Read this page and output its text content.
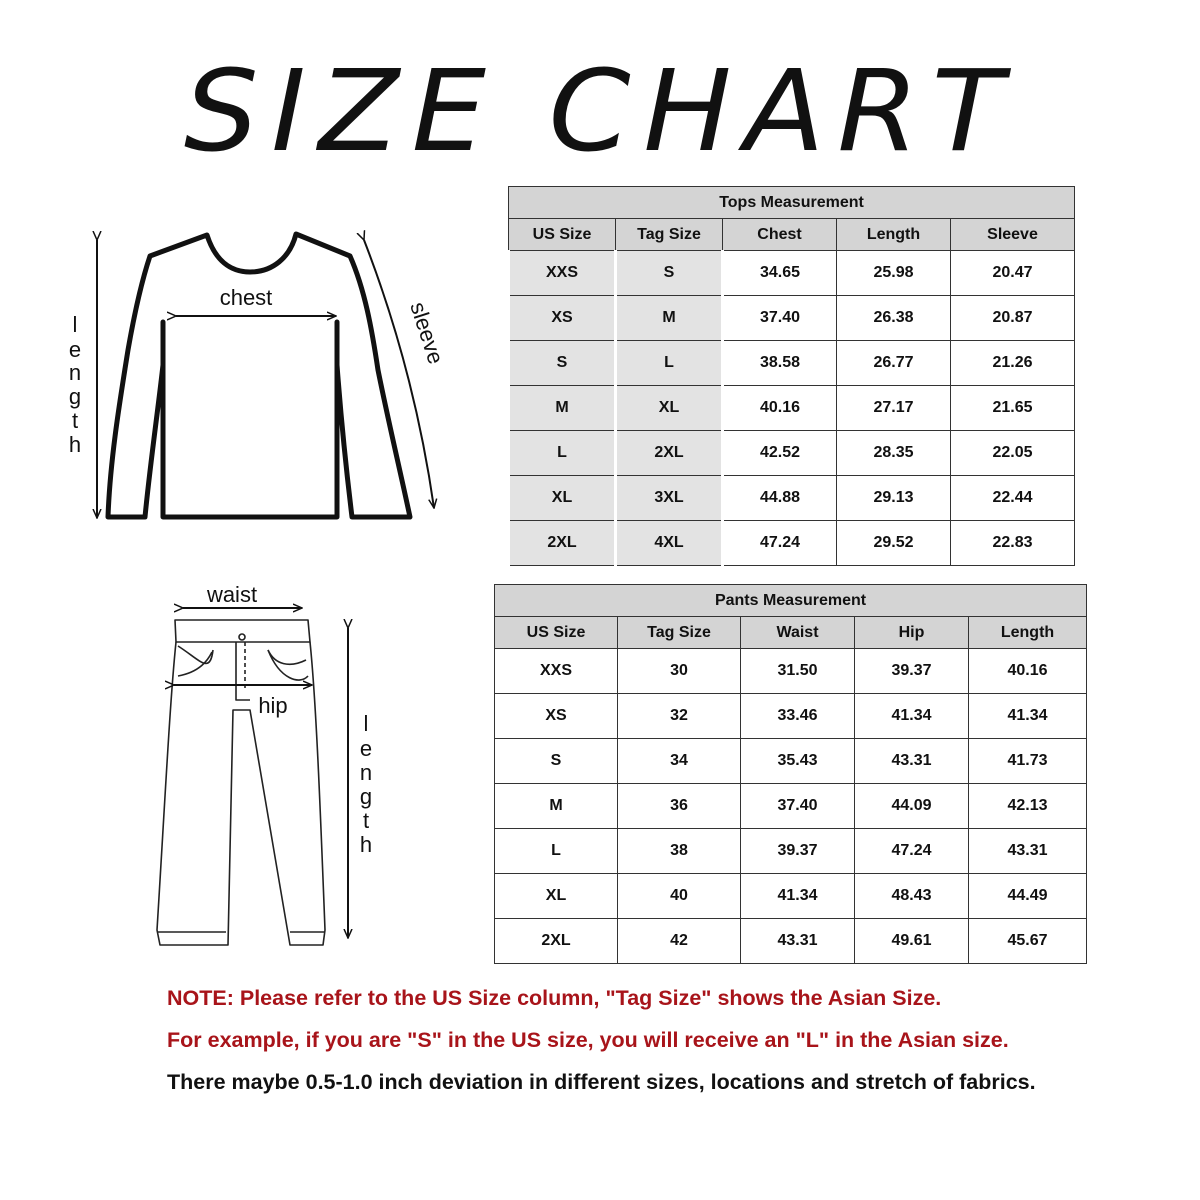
SIZE CHART
chest
l
e
n
g
t
h
sleeve
waist
hip
l
e
n
g
t
h
Tops Measurement				
US Size	Tag Size	Chest	Length	Sleeve
XXS	S	34.65	25.98	20.47
XS	M	37.40	26.38	20.87
S	L	38.58	26.77	21.26
M	XL	40.16	27.17	21.65
L	2XL	42.52	28.35	22.05
XL	3XL	44.88	29.13	22.44
2XL	4XL	47.24	29.52	22.83
Pants Measurement				
US Size	Tag Size	Waist	Hip	Length
XXS	30	31.50	39.37	40.16
XS	32	33.46	41.34	41.34
S	34	35.43	43.31	41.73
M	36	37.40	44.09	42.13
L	38	39.37	47.24	43.31
XL	40	41.34	48.43	44.49
2XL	42	43.31	49.61	45.67
NOTE: Please refer to the US Size column, "Tag Size" shows the Asian Size.
For example, if you are "S" in the US size, you will receive an "L" in the Asian size.
There maybe 0.5-1.0 inch deviation in different sizes, locations and stretch of fabrics.
